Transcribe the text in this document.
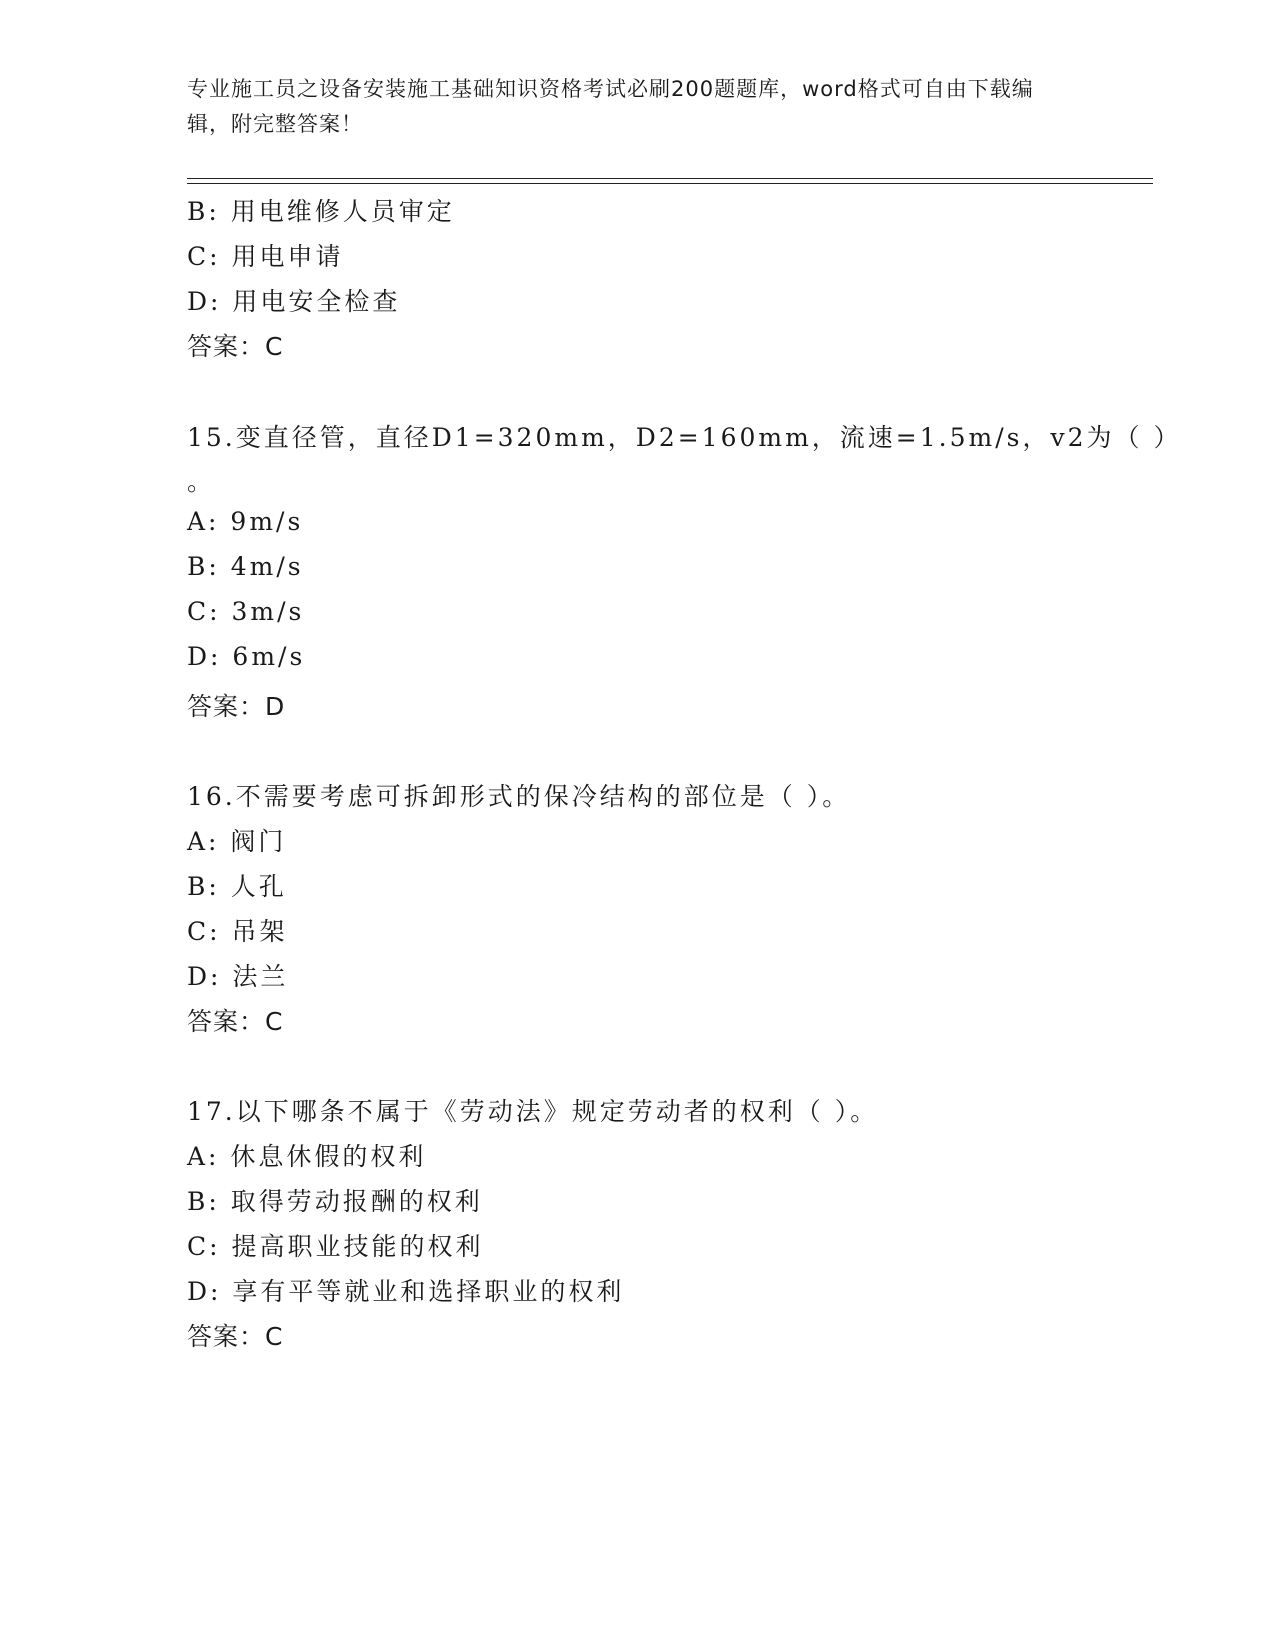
专业施工员之设备安装施工基础知识资格考试必刷200题题库，word格式可自由下载编辑，附完整答案！
B: 用电维修人员审定
C: 用电申请
D: 用电安全检查
答案：C
15.变直径管，直径D1=320mm，D2=160mm，流速=1.5m/s，v2为（ ）
。
A: 9m/s
B: 4m/s
C: 3m/s
D: 6m/s
答案：D
16.不需要考虑可拆卸形式的保冷结构的部位是（ ）。
A: 阀门
B: 人孔
C: 吊架
D: 法兰
答案：C
17.以下哪条不属于《劳动法》规定劳动者的权利（ ）。
A: 休息休假的权利
B: 取得劳动报酬的权利
C: 提高职业技能的权利
D: 享有平等就业和选择职业的权利
答案：C
